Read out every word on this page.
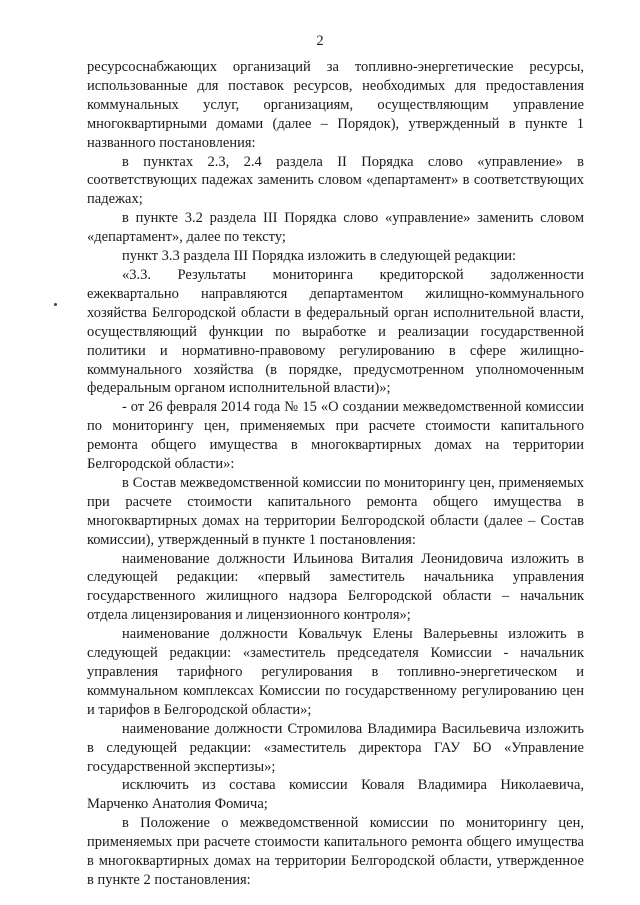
2

ресурсоснабжающих организаций за топливно-энергетические ресурсы, использованные для поставок ресурсов, необходимых для предоставления коммунальных услуг, организациям, осуществляющим управление многоквартирными домами (далее – Порядок), утвержденный в пункте 1 названного постановления:

в пунктах 2.3, 2.4 раздела II Порядка слово «управление» в соответствующих падежах заменить словом «департамент» в соответствующих падежах;

в пункте 3.2 раздела III Порядка слово «управление» заменить словом «департамент», далее по тексту;

пункт 3.3 раздела III Порядка изложить в следующей редакции:

«3.3. Результаты мониторинга кредиторской задолженности ежеквартально направляются департаментом жилищно-коммунального хозяйства Белгородской области в федеральный орган исполнительной власти, осуществляющий функции по выработке и реализации государственной политики и нормативно-правовому регулированию в сфере жилищно-коммунального хозяйства (в порядке, предусмотренном уполномоченным федеральным органом исполнительной власти)»;

- от 26 февраля 2014 года № 15 «О создании межведомственной комиссии по мониторингу цен, применяемых при расчете стоимости капитального ремонта общего имущества в многоквартирных домах на территории Белгородской области»:

в Состав межведомственной комиссии по мониторингу цен, применяемых при расчете стоимости капитального ремонта общего имущества в многоквартирных домах на территории Белгородской области (далее – Состав комиссии), утвержденный в пункте 1 постановления:

наименование должности Ильинова Виталия Леонидовича изложить в следующей редакции: «первый заместитель начальника управления государственного жилищного надзора Белгородской области – начальник отдела лицензирования и лицензионного контроля»;

наименование должности Ковальчук Елены Валерьевны изложить в следующей редакции: «заместитель председателя Комиссии - начальник управления тарифного регулирования в топливно-энергетическом и коммунальном комплексах Комиссии по государственному регулированию цен и тарифов в Белгородской области»;

наименование должности Стромилова Владимира Васильевича изложить в следующей редакции: «заместитель директора ГАУ БО «Управление государственной экспертизы»;

исключить из состава комиссии Коваля Владимира Николаевича, Марченко Анатолия Фомича;

в Положение о межведомственной комиссии по мониторингу цен, применяемых при расчете стоимости капитального ремонта общего имущества в многоквартирных домах на территории Белгородской области, утвержденное в пункте 2 постановления:
